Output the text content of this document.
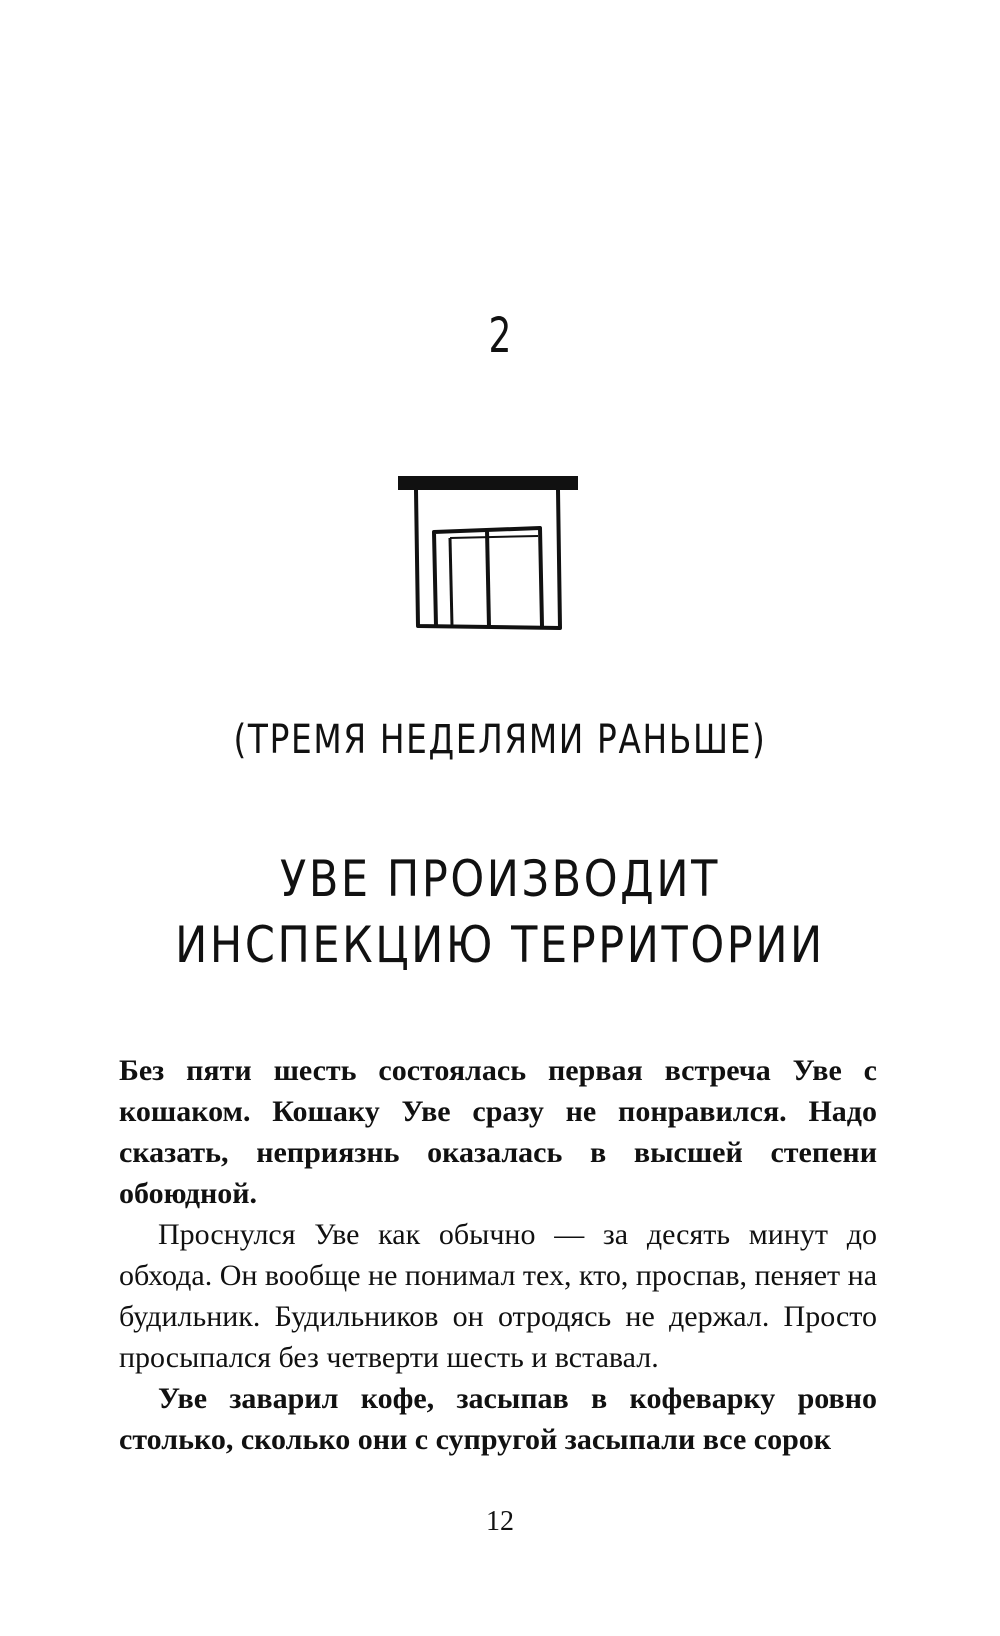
2
(ТРЕМЯ НЕДЕЛЯМИ РАНЬШЕ)
УВЕ ПРОИЗВОДИТ
ИНСПЕКЦИЮ ТЕРРИТОРИИ

Без пяти шесть состоялась первая встреча Уве с кошаком. Кошаку Уве сразу не понравился. Надо сказать, неприязнь оказалась в высшей степени обоюдной.

Проснулся Уве как обычно — за десять минут до обхода. Он вообще не понимал тех, кто, проспав, пеняет на будильник. Будильников он отродясь не держал. Просто просыпался без четверти шесть и вставал.

Уве заварил кофе, засыпав в кофеварку ровно столько, сколько они с супругой засыпали все сорок

12
